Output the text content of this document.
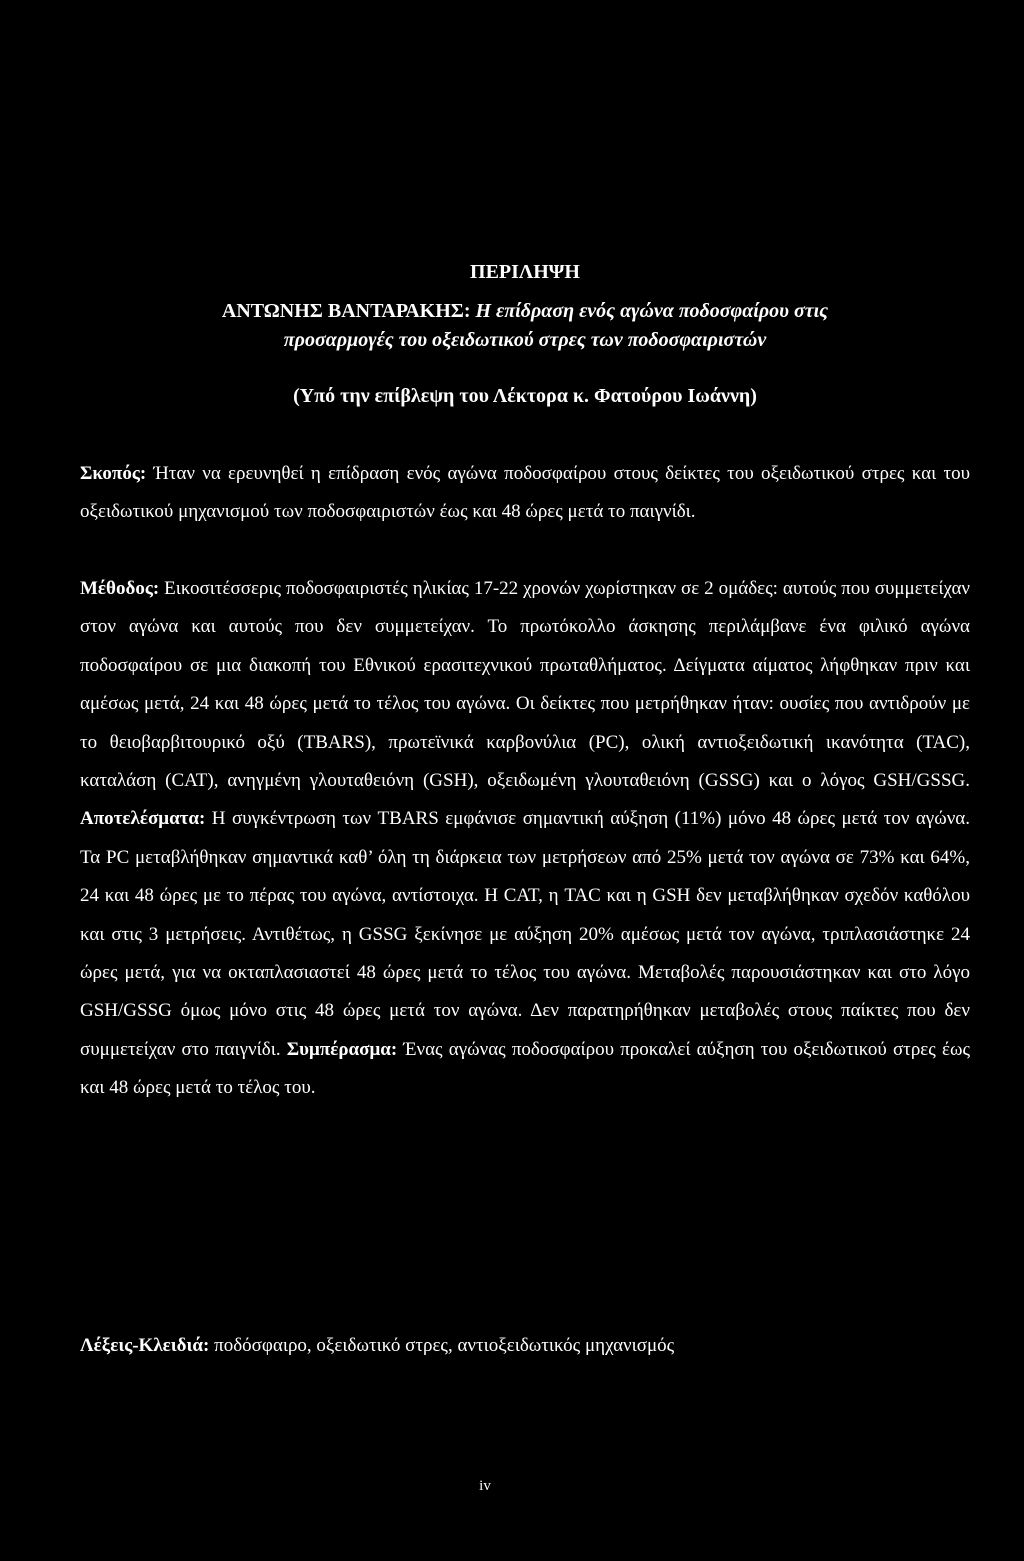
ΠΕΡΙΛΗΨΗ
ΑΝΤΩΝΗΣ ΒΑΝΤΑΡΑΚΗΣ: Η επίδραση ενός αγώνα ποδοσφαίρου στις
προσαρμογές του οξειδωτικού στρες των ποδοσφαιριστών
(Υπό την επίβλεψη του Λέκτορα κ. Φατούρου Ιωάννη)

Σκοπός: Ήταν να ερευνηθεί η επίδραση ενός αγώνα ποδοσφαίρου στους δείκτες του οξειδωτικού στρες και του οξειδωτικού μηχανισμού των ποδοσφαιριστών έως και 48 ώρες μετά το παιγνίδι.

Μέθοδος: Εικοσιτέσσερις ποδοσφαιριστές ηλικίας 17-22 χρονών χωρίστηκαν σε 2 ομάδες: αυτούς που συμμετείχαν στον αγώνα και αυτούς που δεν συμμετείχαν. Το πρωτόκολλο άσκησης περιλάμβανε ένα φιλικό αγώνα ποδοσφαίρου σε μια διακοπή του Εθνικού ερασιτεχνικού πρωταθλήματος. Δείγματα αίματος λήφθηκαν πριν και αμέσως μετά, 24 και 48 ώρες μετά το τέλος του αγώνα. Οι δείκτες που μετρήθηκαν ήταν: ουσίες που αντιδρούν με το θειοβαρβιτουρικό οξύ (TBARS), πρωτεϊνικά καρβονύλια (PC), ολική αντιοξειδωτική ικανότητα (TAC), καταλάση (CAT), ανηγμένη γλουταθειόνη (GSH), οξειδωμένη γλουταθειόνη (GSSG) και ο λόγος GSH/GSSG. Αποτελέσματα: Η συγκέντρωση των TBARS εμφάνισε σημαντική αύξηση (11%) μόνο 48 ώρες μετά τον αγώνα. Τα PC μεταβλήθηκαν σημαντικά καθ’ όλη τη διάρκεια των μετρήσεων από 25% μετά τον αγώνα σε 73% και 64%, 24 και 48 ώρες με το πέρας του αγώνα, αντίστοιχα. Η CAT, η TAC και η GSH δεν μεταβλήθηκαν σχεδόν καθόλου και στις 3 μετρήσεις. Αντιθέτως, η GSSG ξεκίνησε με αύξηση 20% αμέσως μετά τον αγώνα, τριπλασιάστηκε 24 ώρες μετά, για να οκταπλασιαστεί 48 ώρες μετά το τέλος του αγώνα. Μεταβολές παρουσιάστηκαν και στο λόγο GSH/GSSG όμως μόνο στις 48 ώρες μετά τον αγώνα. Δεν παρατηρήθηκαν μεταβολές στους παίκτες που δεν συμμετείχαν στο παιγνίδι. Συμπέρασμα: Ένας αγώνας ποδοσφαίρου προκαλεί αύξηση του οξειδωτικού στρες έως και 48 ώρες μετά το τέλος του.

Λέξεις-Κλειδιά: ποδόσφαιρο, οξειδωτικό στρες, αντιοξειδωτικός μηχανισμός

iv
